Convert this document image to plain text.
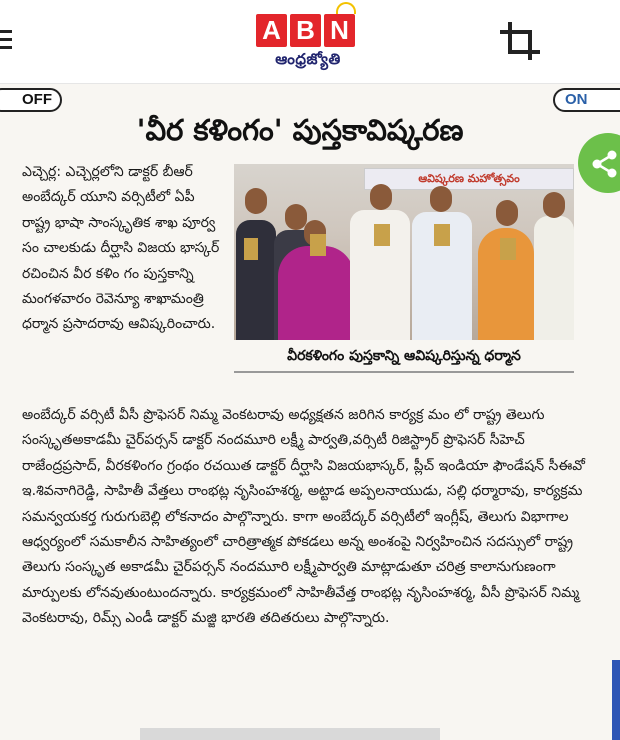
A B N
ఆంధ్రజ్యోతి
OFF	ON
'వీర కళింగం' పుస్తకావిష్కరణ
ఎచ్చెర్ల: ఎచ్చెర్లలోని డాక్టర్ బీఆర్ అంబేద్కర్ యూని వర్సిటీలో ఏపీ రాష్ట్ర భాషా సాంస్కృతిక శాఖ పూర్వ సం చాలకుడు దీర్ఘాసి విజయ భాస్కర్ రచించిన వీర కళిం గం పుస్తకాన్ని మంగళవారం రెవెన్యూ శాఖామంత్రి ధర్మాన ప్రసాదరావు ఆవిష్కరించారు.
ఆవిష్కరణ మహోత్సవం
వీరకళింగం పుస్తకాన్ని ఆవిష్కరిస్తున్న ధర్మాన
అంబేద్కర్ వర్సిటీ వీసీ ప్రొఫెసర్ నిమ్మ వెంకటరావు అధ్యక్షతన జరిగిన కార్యక్ర మం లో రాష్ట్ర తెలుగు సంస్కృతఅకాడమీ చైర్‌పర్సన్ డాక్టర్ నందమూరి లక్ష్మీ పార్వతి,వర్సిటీ రిజిస్ట్రార్ ప్రొఫెసర్ సీహెచ్ రాజేంద్రప్రసాద్, వీరకళింగం గ్రంథం రచయిత డాక్టర్ దీర్ఘాసి విజయభాస్కర్, ప్లీచ్ ఇండియా ఫౌండేషన్ సీఈవో ఇ.శివనాగిరెడ్డి, సాహితీ వేత్తలు రాంభట్ల నృసింహశర్మ, అట్టాడ అప్పలనాయుడు, సల్లి ధర్మారావు, కార్యక్రమ సమన్వయకర్త గురుగుబెల్లి లోకనాదం పాల్గొన్నారు. కాగా అంబేద్కర్ వర్సిటీలో ఇంగ్లీష్, తెలుగు విభాగాల ఆధ్వర్యంలో సమకాలీన సాహిత్యంలో చారిత్రాత్మక పోకడలు అన్న అంశంపై నిర్వహించిన సదస్సులో రాష్ట్ర తెలుగు సంస్కృత అకాడమీ చైర్‌పర్సన్ నందమూరి లక్ష్మీపార్వతి మాట్లాడుతూ చరిత్ర కాలానుగుణంగా మార్పులకు లోనవుతుంటుందన్నారు. కార్యక్రమంలో సాహితీవేత్త రాంభట్ల నృసింహశర్మ, వీసీ ప్రొఫెసర్ నిమ్మ వెంకటరావు, రిమ్స్ ఎండీ డాక్టర్ మజ్జి భారతి తదితరులు పాల్గొన్నారు.
